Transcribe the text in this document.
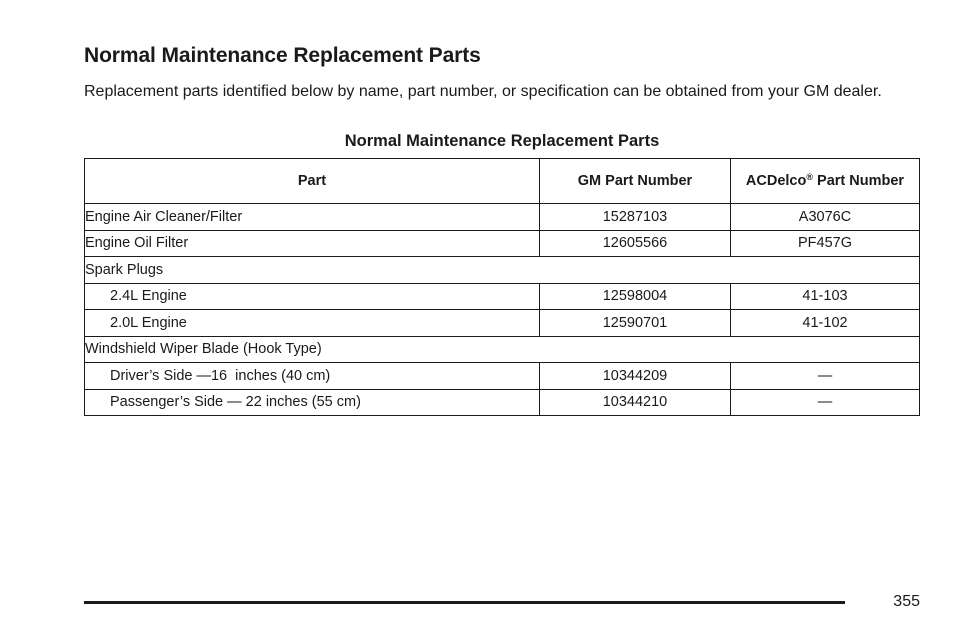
Normal Maintenance Replacement Parts

Replacement parts identified below by name, part number, or specification can be obtained from your GM dealer.

Normal Maintenance Replacement Parts
Part	GM Part Number	ACDelco® Part Number
Engine Air Cleaner/Filter	15287103	A3076C
Engine Oil Filter	12605566	PF457G
Spark Plugs		
2.4L Engine	12598004	41-103
2.0L Engine	12590701	41-102
Windshield Wiper Blade (Hook Type)		
Driver’s Side —16  inches (40 cm)	10344209	—
Passenger’s Side — 22 inches (55 cm)	10344210	—
355
